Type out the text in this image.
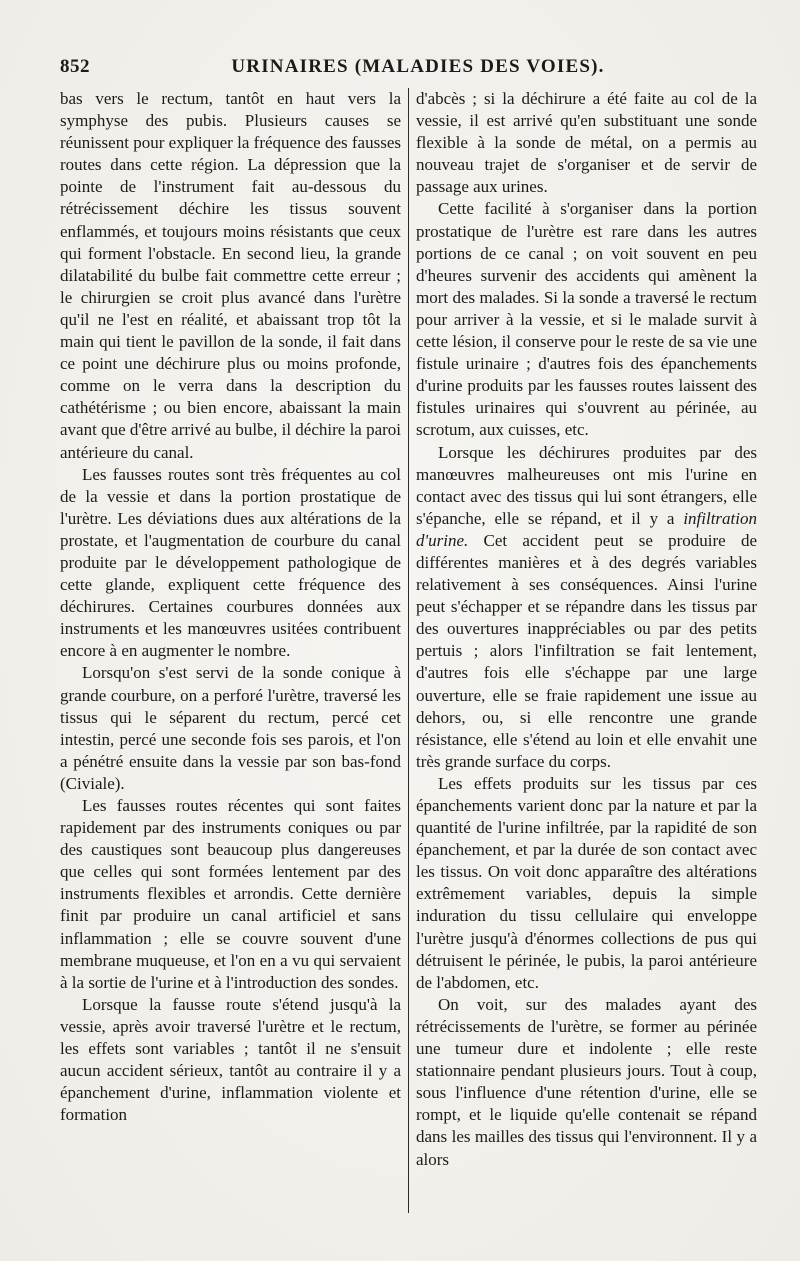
852	URINAIRES (MALADIES DES VOIES).

bas vers le rectum, tantôt en haut vers la symphyse des pubis. Plusieurs causes se réunissent pour expliquer la fréquence des fausses routes dans cette région. La dépression que la pointe de l'instrument fait au-dessous du rétrécissement déchire les tissus souvent enflammés, et toujours moins résistants que ceux qui forment l'obstacle. En second lieu, la grande dilatabilité du bulbe fait commettre cette erreur ; le chirurgien se croit plus avancé dans l'urètre qu'il ne l'est en réalité, et abaissant trop tôt la main qui tient le pavillon de la sonde, il fait dans ce point une déchirure plus ou moins profonde, comme on le verra dans la description du cathétérisme ; ou bien encore, abaissant la main avant que d'être arrivé au bulbe, il déchire la paroi antérieure du canal.

Les fausses routes sont très fréquentes au col de la vessie et dans la portion prostatique de l'urètre. Les déviations dues aux altérations de la prostate, et l'augmentation de courbure du canal produite par le développement pathologique de cette glande, expliquent cette fréquence des déchirures. Certaines courbures données aux instruments et les manœuvres usitées contribuent encore à en augmenter le nombre.

Lorsqu'on s'est servi de la sonde conique à grande courbure, on a perforé l'urètre, traversé les tissus qui le séparent du rectum, percé cet intestin, percé une seconde fois ses parois, et l'on a pénétré ensuite dans la vessie par son bas-fond (Civiale).

Les fausses routes récentes qui sont faites rapidement par des instruments coniques ou par des caustiques sont beaucoup plus dangereuses que celles qui sont formées lentement par des instruments flexibles et arrondis. Cette dernière finit par produire un canal artificiel et sans inflammation ; elle se couvre souvent d'une membrane muqueuse, et l'on en a vu qui servaient à la sortie de l'urine et à l'introduction des sondes.

Lorsque la fausse route s'étend jusqu'à la vessie, après avoir traversé l'urètre et le rectum, les effets sont variables ; tantôt il ne s'ensuit aucun accident sérieux, tantôt au contraire il y a épanchement d'urine, inflammation violente et formation

d'abcès ; si la déchirure a été faite au col de la vessie, il est arrivé qu'en substituant une sonde flexible à la sonde de métal, on a permis au nouveau trajet de s'organiser et de servir de passage aux urines.

Cette facilité à s'organiser dans la portion prostatique de l'urètre est rare dans les autres portions de ce canal ; on voit souvent en peu d'heures survenir des accidents qui amènent la mort des malades. Si la sonde a traversé le rectum pour arriver à la vessie, et si le malade survit à cette lésion, il conserve pour le reste de sa vie une fistule urinaire ; d'autres fois des épanchements d'urine produits par les fausses routes laissent des fistules urinaires qui s'ouvrent au périnée, au scrotum, aux cuisses, etc.

Lorsque les déchirures produites par des manœuvres malheureuses ont mis l'urine en contact avec des tissus qui lui sont étrangers, elle s'épanche, elle se répand, et il y a infiltration d'urine. Cet accident peut se produire de différentes manières et à des degrés variables relativement à ses conséquences. Ainsi l'urine peut s'échapper et se répandre dans les tissus par des ouvertures inappréciables ou par des petits pertuis ; alors l'infiltration se fait lentement, d'autres fois elle s'échappe par une large ouverture, elle se fraie rapidement une issue au dehors, ou, si elle rencontre une grande résistance, elle s'étend au loin et elle envahit une très grande surface du corps.

Les effets produits sur les tissus par ces épanchements varient donc par la nature et par la quantité de l'urine infiltrée, par la rapidité de son épanchement, et par la durée de son contact avec les tissus. On voit donc apparaître des altérations extrêmement variables, depuis la simple induration du tissu cellulaire qui enveloppe l'urètre jusqu'à d'énormes collections de pus qui détruisent le périnée, le pubis, la paroi antérieure de l'abdomen, etc.

On voit, sur des malades ayant des rétrécissements de l'urètre, se former au périnée une tumeur dure et indolente ; elle reste stationnaire pendant plusieurs jours. Tout à coup, sous l'influence d'une rétention d'urine, elle se rompt, et le liquide qu'elle contenait se répand dans les mailles des tissus qui l'environnent. Il y a alors
